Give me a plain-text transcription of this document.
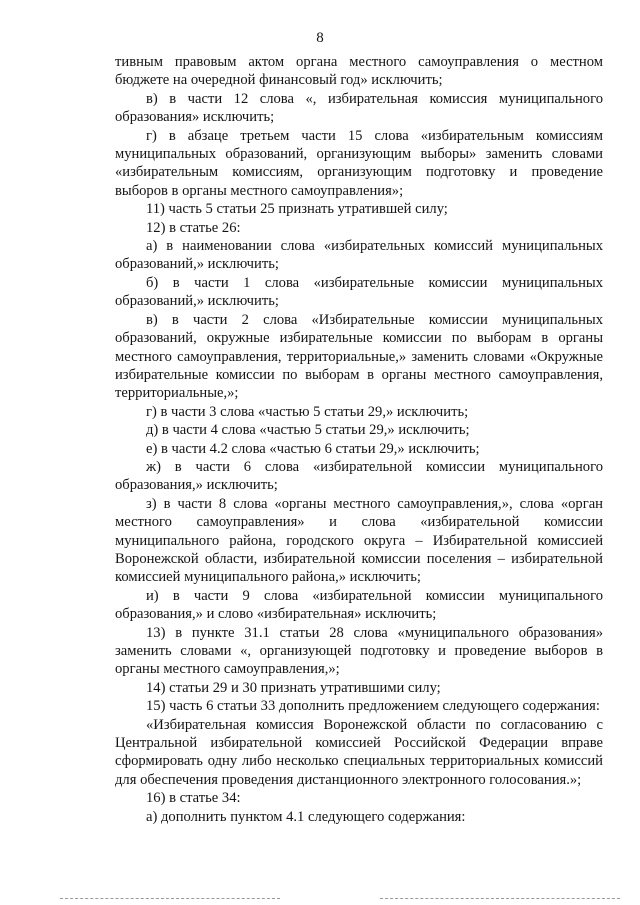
8

тивным правовым актом органа местного самоуправления о местном бюджете на очередной финансовый год» исключить;

в) в части 12 слова «, избирательная комиссия муниципального образования» исключить;

г) в абзаце третьем части 15 слова «избирательным комиссиям муниципальных образований, организующим выборы» заменить словами «избирательным комиссиям, организующим подготовку и проведение выборов в органы местного самоуправления»;

11) часть 5 статьи 25 признать утратившей силу;

12) в статье 26:

а) в наименовании слова «избирательных комиссий муниципальных образований,» исключить;

б) в части 1 слова «избирательные комиссии муниципальных образований,» исключить;

в) в части 2 слова «Избирательные комиссии муниципальных образований, окружные избирательные комиссии по выборам в органы местного самоуправления, территориальные,» заменить словами «Окружные избирательные комиссии по выборам в органы местного самоуправления, территориальные,»;

г) в части 3 слова «частью 5 статьи 29,» исключить;

д) в части 4 слова «частью 5 статьи 29,» исключить;

е) в части 4.2 слова «частью 6 статьи 29,» исключить;

ж) в части 6 слова «избирательной комиссии муниципального образования,» исключить;

з) в части 8 слова «органы местного самоуправления,», слова «орган местного самоуправления» и слова «избирательной комиссии муниципального района, городского округа – Избирательной комиссией Воронежской области, избирательной комиссии поселения – избирательной комиссией муниципального района,» исключить;

и) в части 9 слова «избирательной комиссии муниципального образования,» и слово «избирательная» исключить;

13) в пункте 31.1 статьи 28 слова «муниципального образования» заменить словами «, организующей подготовку и проведение выборов в органы местного самоуправления,»;

14) статьи 29 и 30 признать утратившими силу;

15) часть 6 статьи 33 дополнить предложением следующего содержания:

«Избирательная комиссия Воронежской области по согласованию с Центральной избирательной комиссией Российской Федерации вправе сформировать одну либо несколько специальных территориальных комиссий для обеспечения проведения дистанционного электронного голосования.»;

16) в статье 34:

а) дополнить пунктом 4.1 следующего содержания:
